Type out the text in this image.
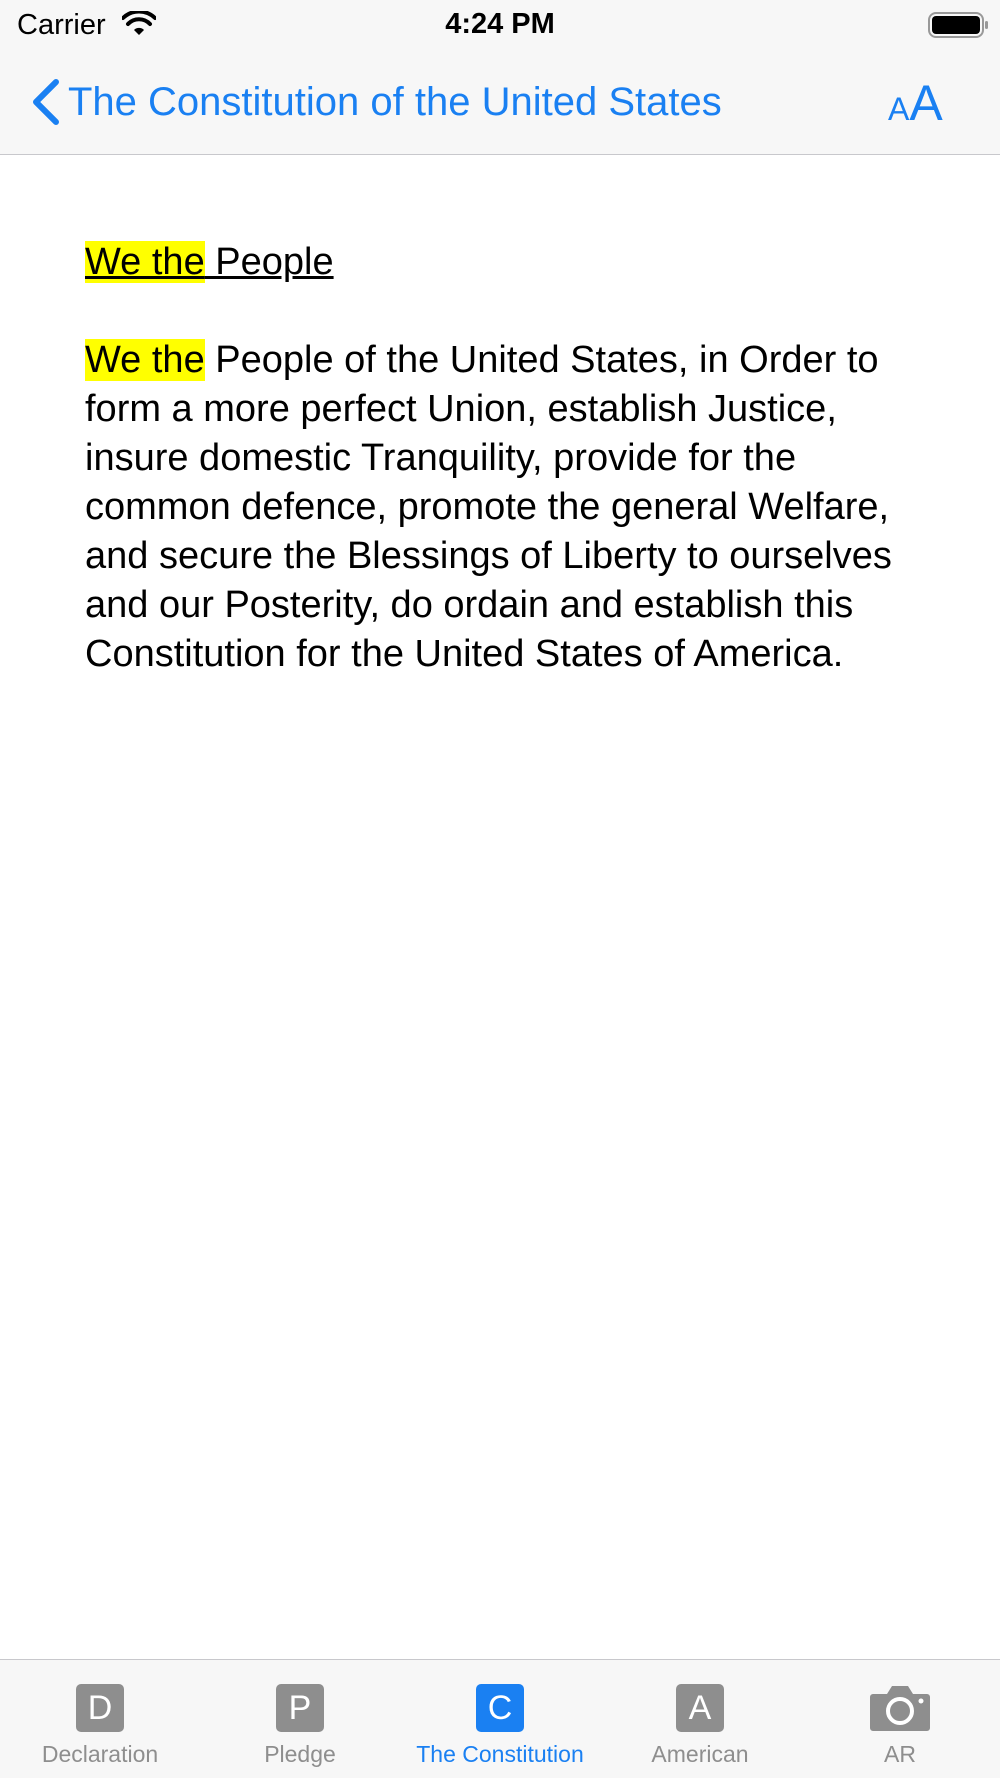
Carrier	4:24 PM
The Constitution of the United States	AA

We the People

We the People of the United States, in Order to form a more perfect Union, establish Justice, insure domestic Tranquility, provide for the common defence, promote the general Welfare, and secure the Blessings of Liberty to ourselves and our Posterity, do ordain and establish this Constitution for the United States of America.

D
Declaration
P
Pledge
C
The Constitution
A
American	AR
